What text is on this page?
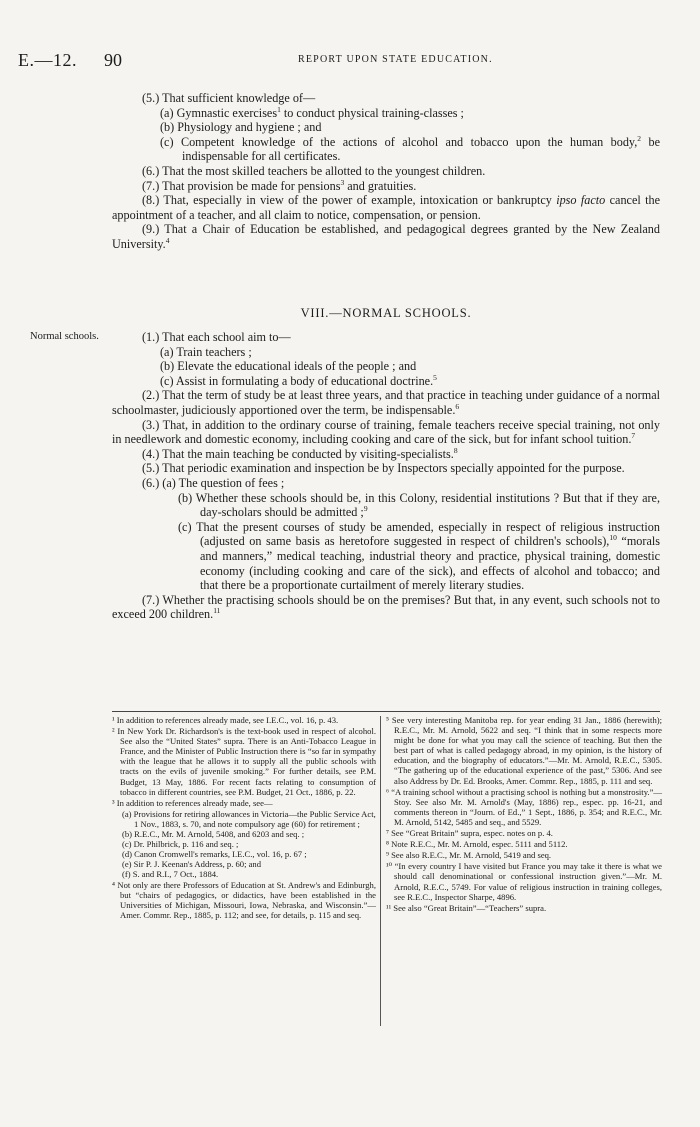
E.—12. 90	REPORT UPON STATE EDUCATION.

(5.) That sufficient knowledge of—

(a) Gymnastic exercises$^1$ to conduct physical training-classes ;

(b) Physiology and hygiene ; and

(c) Competent knowledge of the actions of alcohol and tobacco upon the human body,$^2$ be indispensable for all certificates.

(6.) That the most skilled teachers be allotted to the youngest children.

(7.) That provision be made for pensions$^3$ and gratuities.

(8.) That, especially in view of the power of example, intoxication or bankruptcy ipso facto cancel the appointment of a teacher, and all claim to notice, compensation, or pension.

(9.) That a Chair of Education be established, and pedagogical degrees granted by the New Zealand University.$^4$

VIII.—NORMAL SCHOOLS.
Normal schools.	(1.) That each school aim to—

(a) Train teachers ;

(b) Elevate the educational ideals of the people ; and

(c) Assist in formulating a body of educational doctrine.$^5$

(2.) That the term of study be at least three years, and that practice in teaching under guidance of a normal schoolmaster, judiciously apportioned over the term, be indispensable.$^6$

(3.) That, in addition to the ordinary course of training, female teachers receive special training, not only in needlework and domestic economy, including cooking and care of the sick, but for infant school tuition.$^7$

(4.) That the main teaching be conducted by visiting-specialists.$^8$

(5.) That periodic examination and inspection be by Inspectors specially appointed for the purpose.

(6.) (a) The question of fees ;

(b) Whether these schools should be, in this Colony, residential institutions ? But that if they are, day-scholars should be admitted ;$^9$

(c) That the present courses of study be amended, especially in respect of religious instruction (adjusted on same basis as heretofore suggested in respect of children's schools),$^{10}$ “morals and manners,” medical teaching, industrial theory and practice, physical training, domestic economy (including cooking and care of the sick), and effects of alcohol and tobacco; and that there be a proportionate curtailment of merely literary studies.

(7.) Whether the practising schools should be on the premises? But that, in any event, such schools not to exceed 200 children.$^{11}$

¹ In addition to references already made, see I.E.C., vol. 16, p. 43.

² In New York Dr. Richardson's is the text-book used in respect of alcohol. See also the “United States” supra. There is an Anti-Tobacco League in France, and the Minister of Public Instruction there is “so far in sympathy with the league that he allows it to supply all the public schools with tracts on the evils of juvenile smoking.” For further details, see P.M. Budget, 13 May, 1886. For recent facts relating to consumption of tobacco in different countries, see P.M. Budget, 21 Oct., 1886, p. 22.

³ In addition to references already made, see—

(a) Provisions for retiring allowances in Victoria—the Public Service Act, 1 Nov., 1883, s. 70, and note compulsory age (60) for retirement ;

(b) R.E.C., Mr. M. Arnold, 5408, and 6203 and seq. ;

(c) Dr. Philbrick, p. 116 and seq. ;

(d) Canon Cromwell's remarks, I.E.C., vol. 16, p. 67 ;

(e) Sir P. J. Keenan's Address, p. 60; and

(f) S. and R.I., 7 Oct., 1884.

⁴ Not only are there Professors of Education at St. Andrew's and Edinburgh, but “chairs of pedagogics, or didactics, have been established in the Universities of Michigan, Missouri, Iowa, Nebraska, and Wisconsin.”—Amer. Commr. Rep., 1885, p. 112; and see, for details, p. 115 and seq.

⁵ See very interesting Manitoba rep. for year ending 31 Jan., 1886 (herewith); R.E.C., Mr. M. Arnold, 5622 and seq. “I think that in some respects more might be done for what you may call the science of teaching. But then the best part of what is called pedagogy abroad, in my opinion, is the history of education, and the biography of educators.”—Mr. M. Arnold, R.E.C., 5305. “The gathering up of the educational experience of the past,” 5306. And see also Address by Dr. Ed. Brooks, Amer. Commr. Rep., 1885, p. 111 and seq.

⁶ “A training school without a practising school is nothing but a monstrosity.”—Stoy. See also Mr. M. Arnold's (May, 1886) rep., espec. pp. 16-21, and comments thereon in “Journ. of Ed.,” 1 Sept., 1886, p. 354; and R.E.C., Mr. M. Arnold, 5142, 5485 and seq., and 5529.

⁷ See “Great Britain” supra, espec. notes on p. 4.

⁸ Note R.E.C., Mr. M. Arnold, espec. 5111 and 5112.

⁹ See also R.E.C., Mr. M. Arnold, 5419 and seq.

¹⁰ “In every country I have visited but France you may take it there is what we should call denominational or confessional instruction given.”—Mr. M. Arnold, R.E.C., 5749. For value of religious instruction in training colleges, see R.E.C., Inspector Sharpe, 4896.

¹¹ See also “Great Britain”—“Teachers” supra.
